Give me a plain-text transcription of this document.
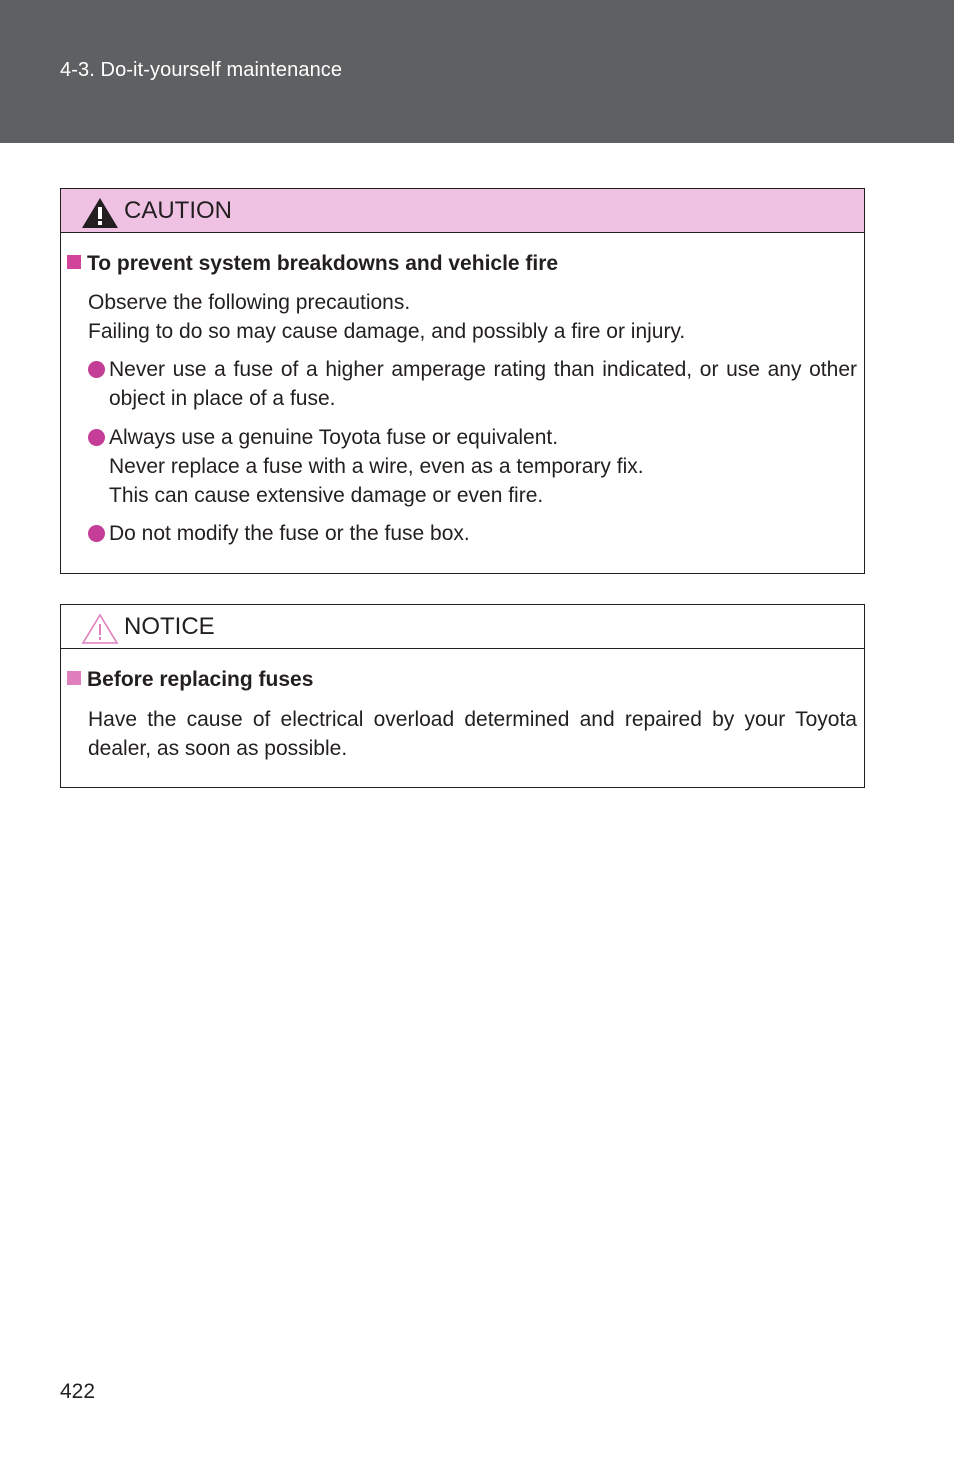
4-3. Do-it-yourself maintenance
CAUTION
To prevent system breakdowns and vehicle fire

Observe the following precautions.
Failing to do so may cause damage, and possibly a fire or injury.

Never use a fuse of a higher amperage rating than indicated, or use any other object in place of a fuse.
Always use a genuine Toyota fuse or equivalent.
Never replace a fuse with a wire, even as a temporary fix.
This can cause extensive damage or even fire.
Do not modify the fuse or the fuse box.
NOTICE
Before replacing fuses

Have the cause of electrical overload determined and repaired by your Toyota dealer, as soon as possible.

422
